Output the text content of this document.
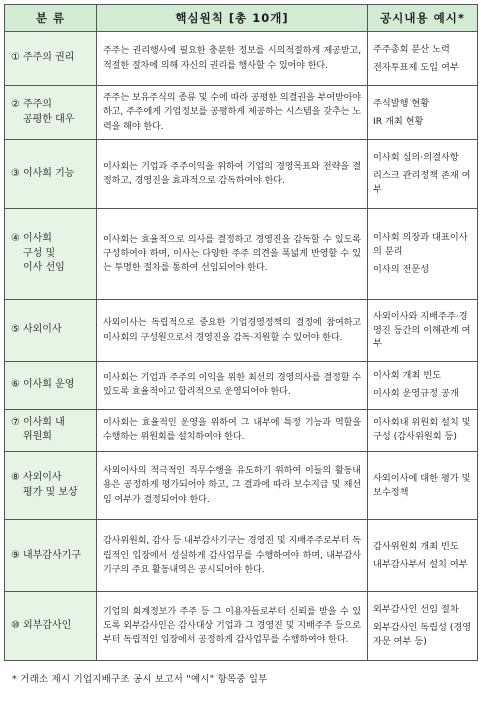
분 류	핵심원칙 [총 10개]	공시내용 예시*

① 주주의 권리	주주는 권리행사에 필요한 충분한 정보를 시의적절하게 제공받고, 적절한 절차에 의해 자신의 권리를 행사할 수 있어야 한다.	주주총회 분산 노력
전자투표제 도입 여부

② 주주의
공평한 대우	주주는 보유주식의 종류 및 수에 따라 공평한 의결권을 부여받아야 하고, 주주에게 기업정보를 공평하게 제공하는 시스템을 갖추는 노력을 해야 한다.	주식발행 현황
IR 개최 현황

③ 이사회 기능	이사회는 기업과 주주이익을 위하여 기업의 경영목표와 전략을 결정하고, 경영진을 효과적으로 감독하여야 한다.	이사회 심의·의결사항
리스크 관리정책 존재 여부

④ 이사회
구성 및
이사 선임	이사회는 효율적으로 의사를 결정하고 경영진을 감독할 수 있도록 구성하여야 하며, 이사는 다양한 주주 의견을 폭넓게 반영할 수 있는 투명한 절차를 통하여 선임되어야 한다.	이사회 의장과 대표이사의 분리
이사의 전문성

⑤ 사외이사	사외이사는 독립적으로 중요한 기업경영정책의 결정에 참여하고 이사회의 구성원으로서 경영진을 감독·지원할 수 있어야 한다.	사외이사와 지배주주·경영진 등간의 이해관계 여부

⑥ 이사회 운영	이사회는 기업과 주주의 이익을 위한 최선의 경영의사를 결정할 수 있도록 효율적이고 합리적으로 운영되어야 한다.	이사회 개최 빈도
이사회 운영규정 공개

⑦ 이사회 내
위원회	이사회는 효율적인 운영을 위하여 그 내부에 특정 기능과 역할을 수행하는 위원회를 설치하여야 한다.	이사회내 위원회 설치 및 구성 (감사위원회 등)

⑧ 사외이사
평가 및 보상	사외이사의 적극적인 직무수행을 유도하기 위하여 이들의 활동내용은 공정하게 평가되어야 하고, 그 결과에 따라 보수지급 및 재선임 여부가 결정되어야 한다.	사외이사에 대한 평가 및 보수정책

⑨ 내부감사기구	감사위원회, 감사 등 내부감사기구는 경영진 및 지배주주로부터 독립적인 입장에서 성실하게 감사업무를 수행하여야 하며, 내부감사기구의 주요 활동내역은 공시되어야 한다.	감사위원회 개최 빈도
내부감사부서 설치 여부

⑩ 외부감사인	기업의 회계정보가 주주 등 그 이용자들로부터 신뢰를 받을 수 있도록 외부감사인은 감사대상 기업과 그 경영진 및 지배주주 등으로부터 독립적인 입장에서 공정하게 감사업무를 수행하여야 한다.	외부감사인 선임 절차
외부감사인 독립성 (경영자문 여부 등)
* 거래소 제시 기업지배구조 공시 보고서 "예시" 항목중 일부
